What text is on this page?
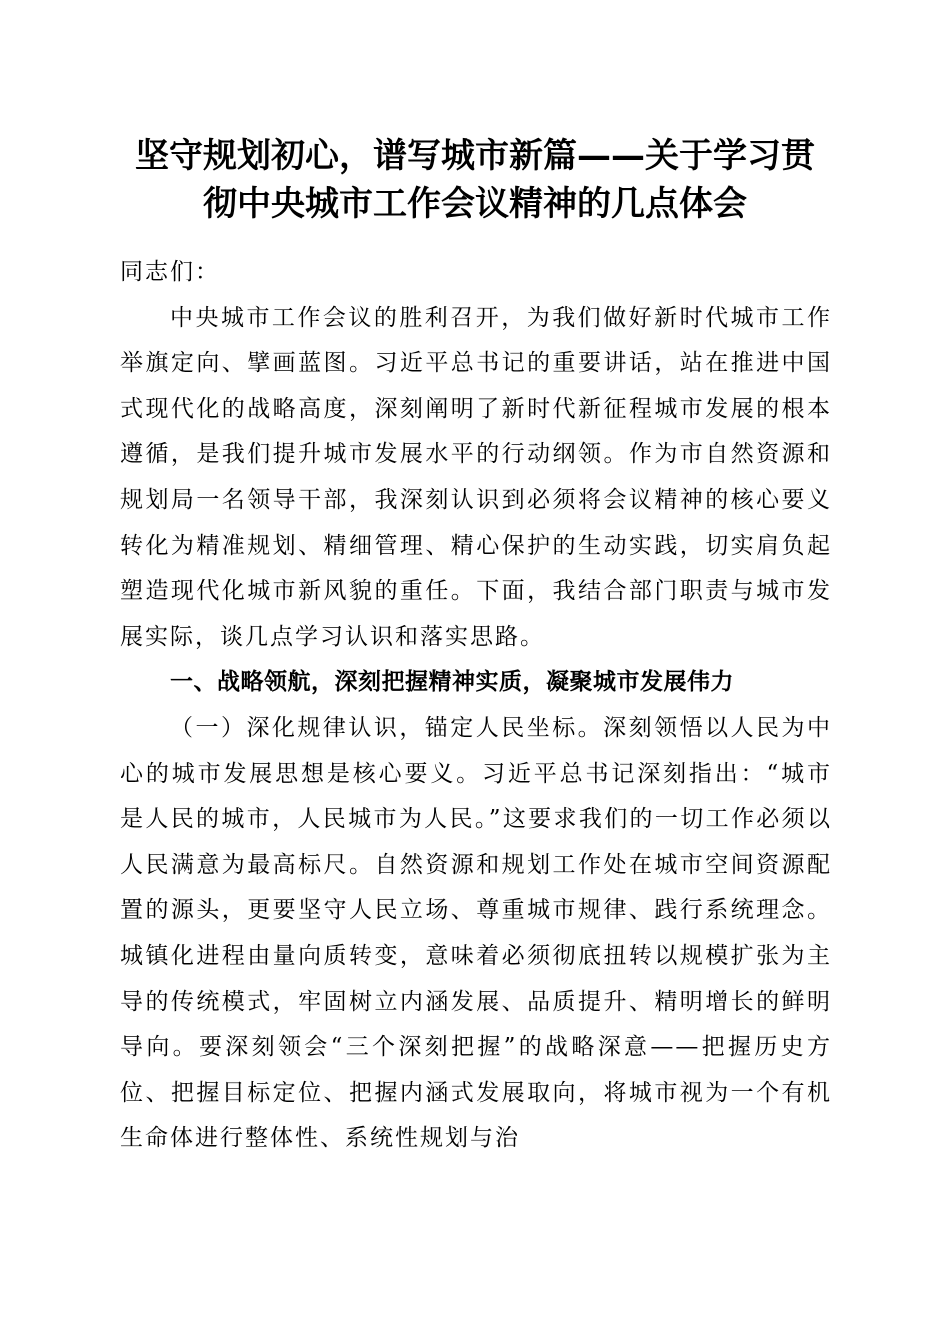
坚守规划初心，谱写城市新篇——关于学习贯
彻中央城市工作会议精神的几点体会

同志们：

中央城市工作会议的胜利召开，为我们做好新时代城市工作举旗定向、擘画蓝图。习近平总书记的重要讲话，站在推进中国式现代化的战略高度，深刻阐明了新时代新征程城市发展的根本遵循，是我们提升城市发展水平的行动纲领。作为市自然资源和规划局一名领导干部，我深刻认识到必须将会议精神的核心要义转化为精准规划、精细管理、精心保护的生动实践，切实肩负起塑造现代化城市新风貌的重任。下面，我结合部门职责与城市发展实际，谈几点学习认识和落实思路。

一、战略领航，深刻把握精神实质，凝聚城市发展伟力

（一）深化规律认识，锚定人民坐标。深刻领悟以人民为中心的城市发展思想是核心要义。习近平总书记深刻指出：“城市是人民的城市，人民城市为人民。”这要求我们的一切工作必须以人民满意为最高标尺。自然资源和规划工作处在城市空间资源配置的源头，更要坚守人民立场、尊重城市规律、践行系统理念。城镇化进程由量向质转变，意味着必须彻底扭转以规模扩张为主导的传统模式，牢固树立内涵发展、品质提升、精明增长的鲜明导向。要深刻领会“三个深刻把握”的战略深意——把握历史方位、把握目标定位、把握内涵式发展取向，将城市视为一个有机生命体进行整体性、系统性规划与治
